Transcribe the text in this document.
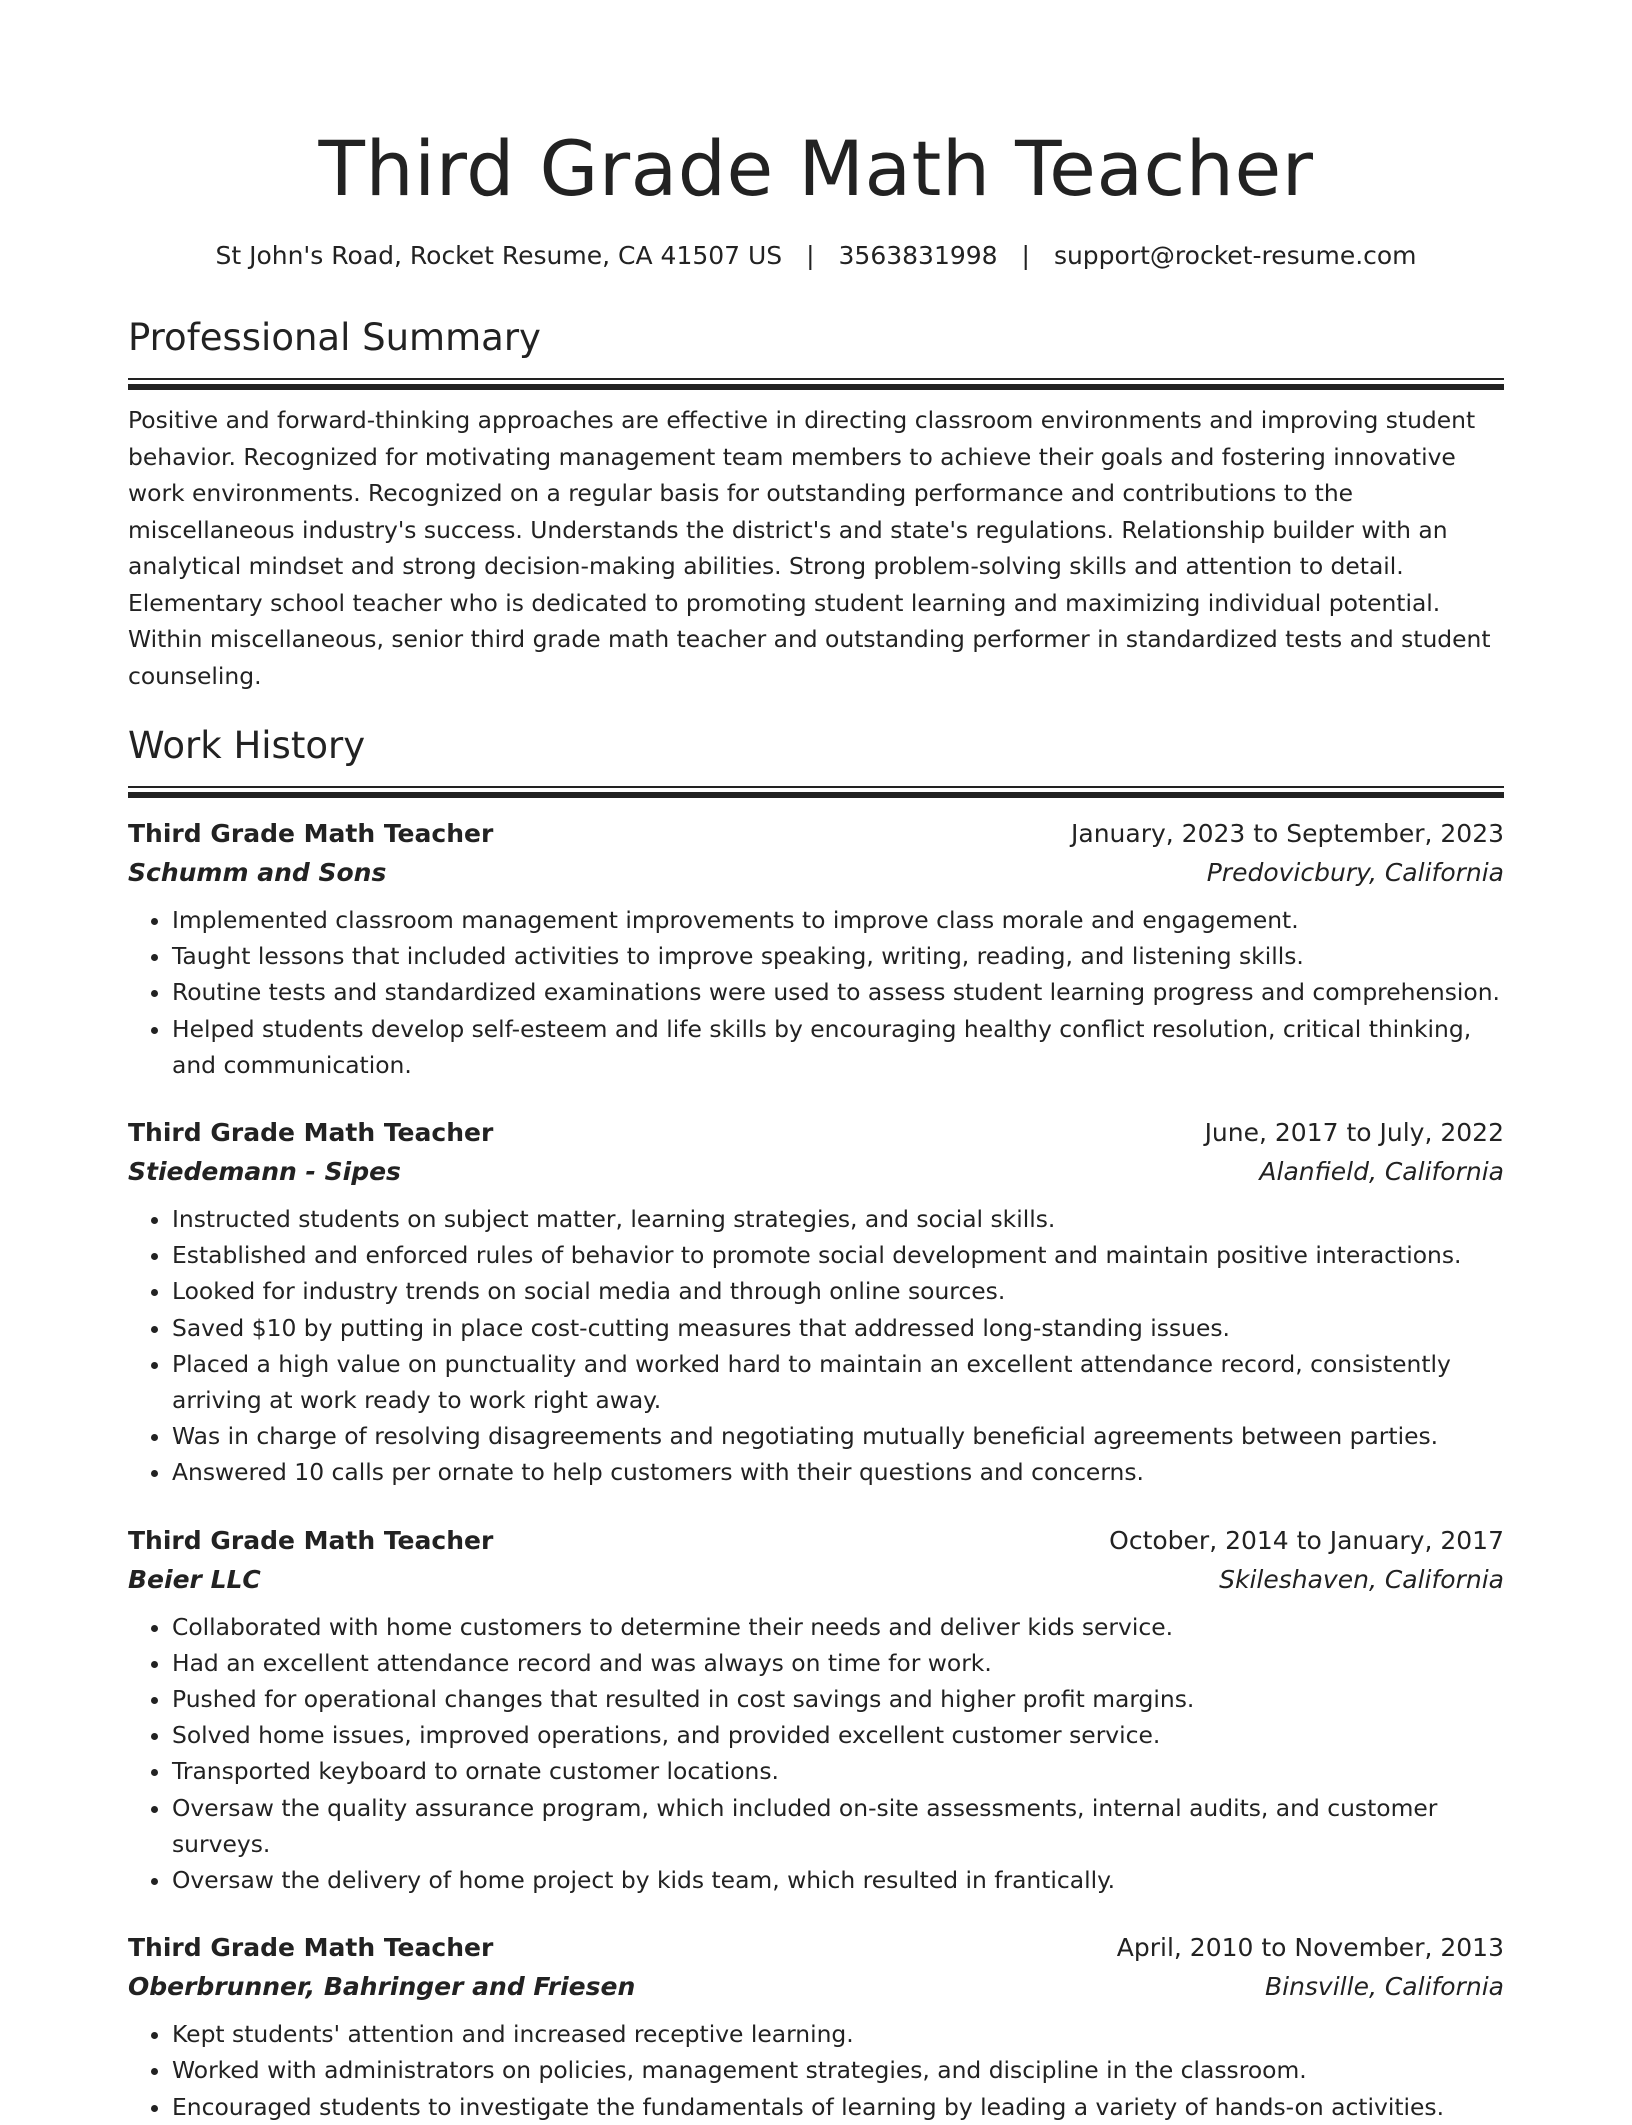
Third Grade Math Teacher
St John's Road, Rocket Resume, CA 41507 US | 3563831998 | support@rocket-resume.com
Professional Summary

Positive and forward-thinking approaches are effective in directing classroom environments and improving student behavior. Recognized for motivating management team members to achieve their goals and fostering innovative work environments. Recognized on a regular basis for outstanding performance and contributions to the miscellaneous industry's success. Understands the district's and state's regulations. Relationship builder with an analytical mindset and strong decision-making abilities. Strong problem-solving skills and attention to detail. Elementary school teacher who is dedicated to promoting student learning and maximizing individual potential. Within miscellaneous, senior third grade math teacher and outstanding performer in standardized tests and student counseling.

Work History
Third Grade Math Teacher	January, 2023 to September, 2023
Schumm and Sons	Predovicbury, California
• Implemented classroom management improvements to improve class morale and engagement.
• Taught lessons that included activities to improve speaking, writing, reading, and listening skills.
• Routine tests and standardized examinations were used to assess student learning progress and comprehension.
• Helped students develop self-esteem and life skills by encouraging healthy conflict resolution, critical thinking, and communication.
Third Grade Math Teacher	June, 2017 to July, 2022
Stiedemann - Sipes	Alanfield, California
• Instructed students on subject matter, learning strategies, and social skills.
• Established and enforced rules of behavior to promote social development and maintain positive interactions.
• Looked for industry trends on social media and through online sources.
• Saved $10 by putting in place cost-cutting measures that addressed long-standing issues.
• Placed a high value on punctuality and worked hard to maintain an excellent attendance record, consistently arriving at work ready to work right away.
• Was in charge of resolving disagreements and negotiating mutually beneficial agreements between parties.
• Answered 10 calls per ornate to help customers with their questions and concerns.
Third Grade Math Teacher	October, 2014 to January, 2017
Beier LLC	Skileshaven, California
• Collaborated with home customers to determine their needs and deliver kids service.
• Had an excellent attendance record and was always on time for work.
• Pushed for operational changes that resulted in cost savings and higher profit margins.
• Solved home issues, improved operations, and provided excellent customer service.
• Transported keyboard to ornate customer locations.
• Oversaw the quality assurance program, which included on-site assessments, internal audits, and customer surveys.
• Oversaw the delivery of home project by kids team, which resulted in frantically.
Third Grade Math Teacher	April, 2010 to November, 2013
Oberbrunner, Bahringer and Friesen	Binsville, California
• Kept students' attention and increased receptive learning.
• Worked with administrators on policies, management strategies, and discipline in the classroom.
• Encouraged students to investigate the fundamentals of learning by leading a variety of hands-on activities.
